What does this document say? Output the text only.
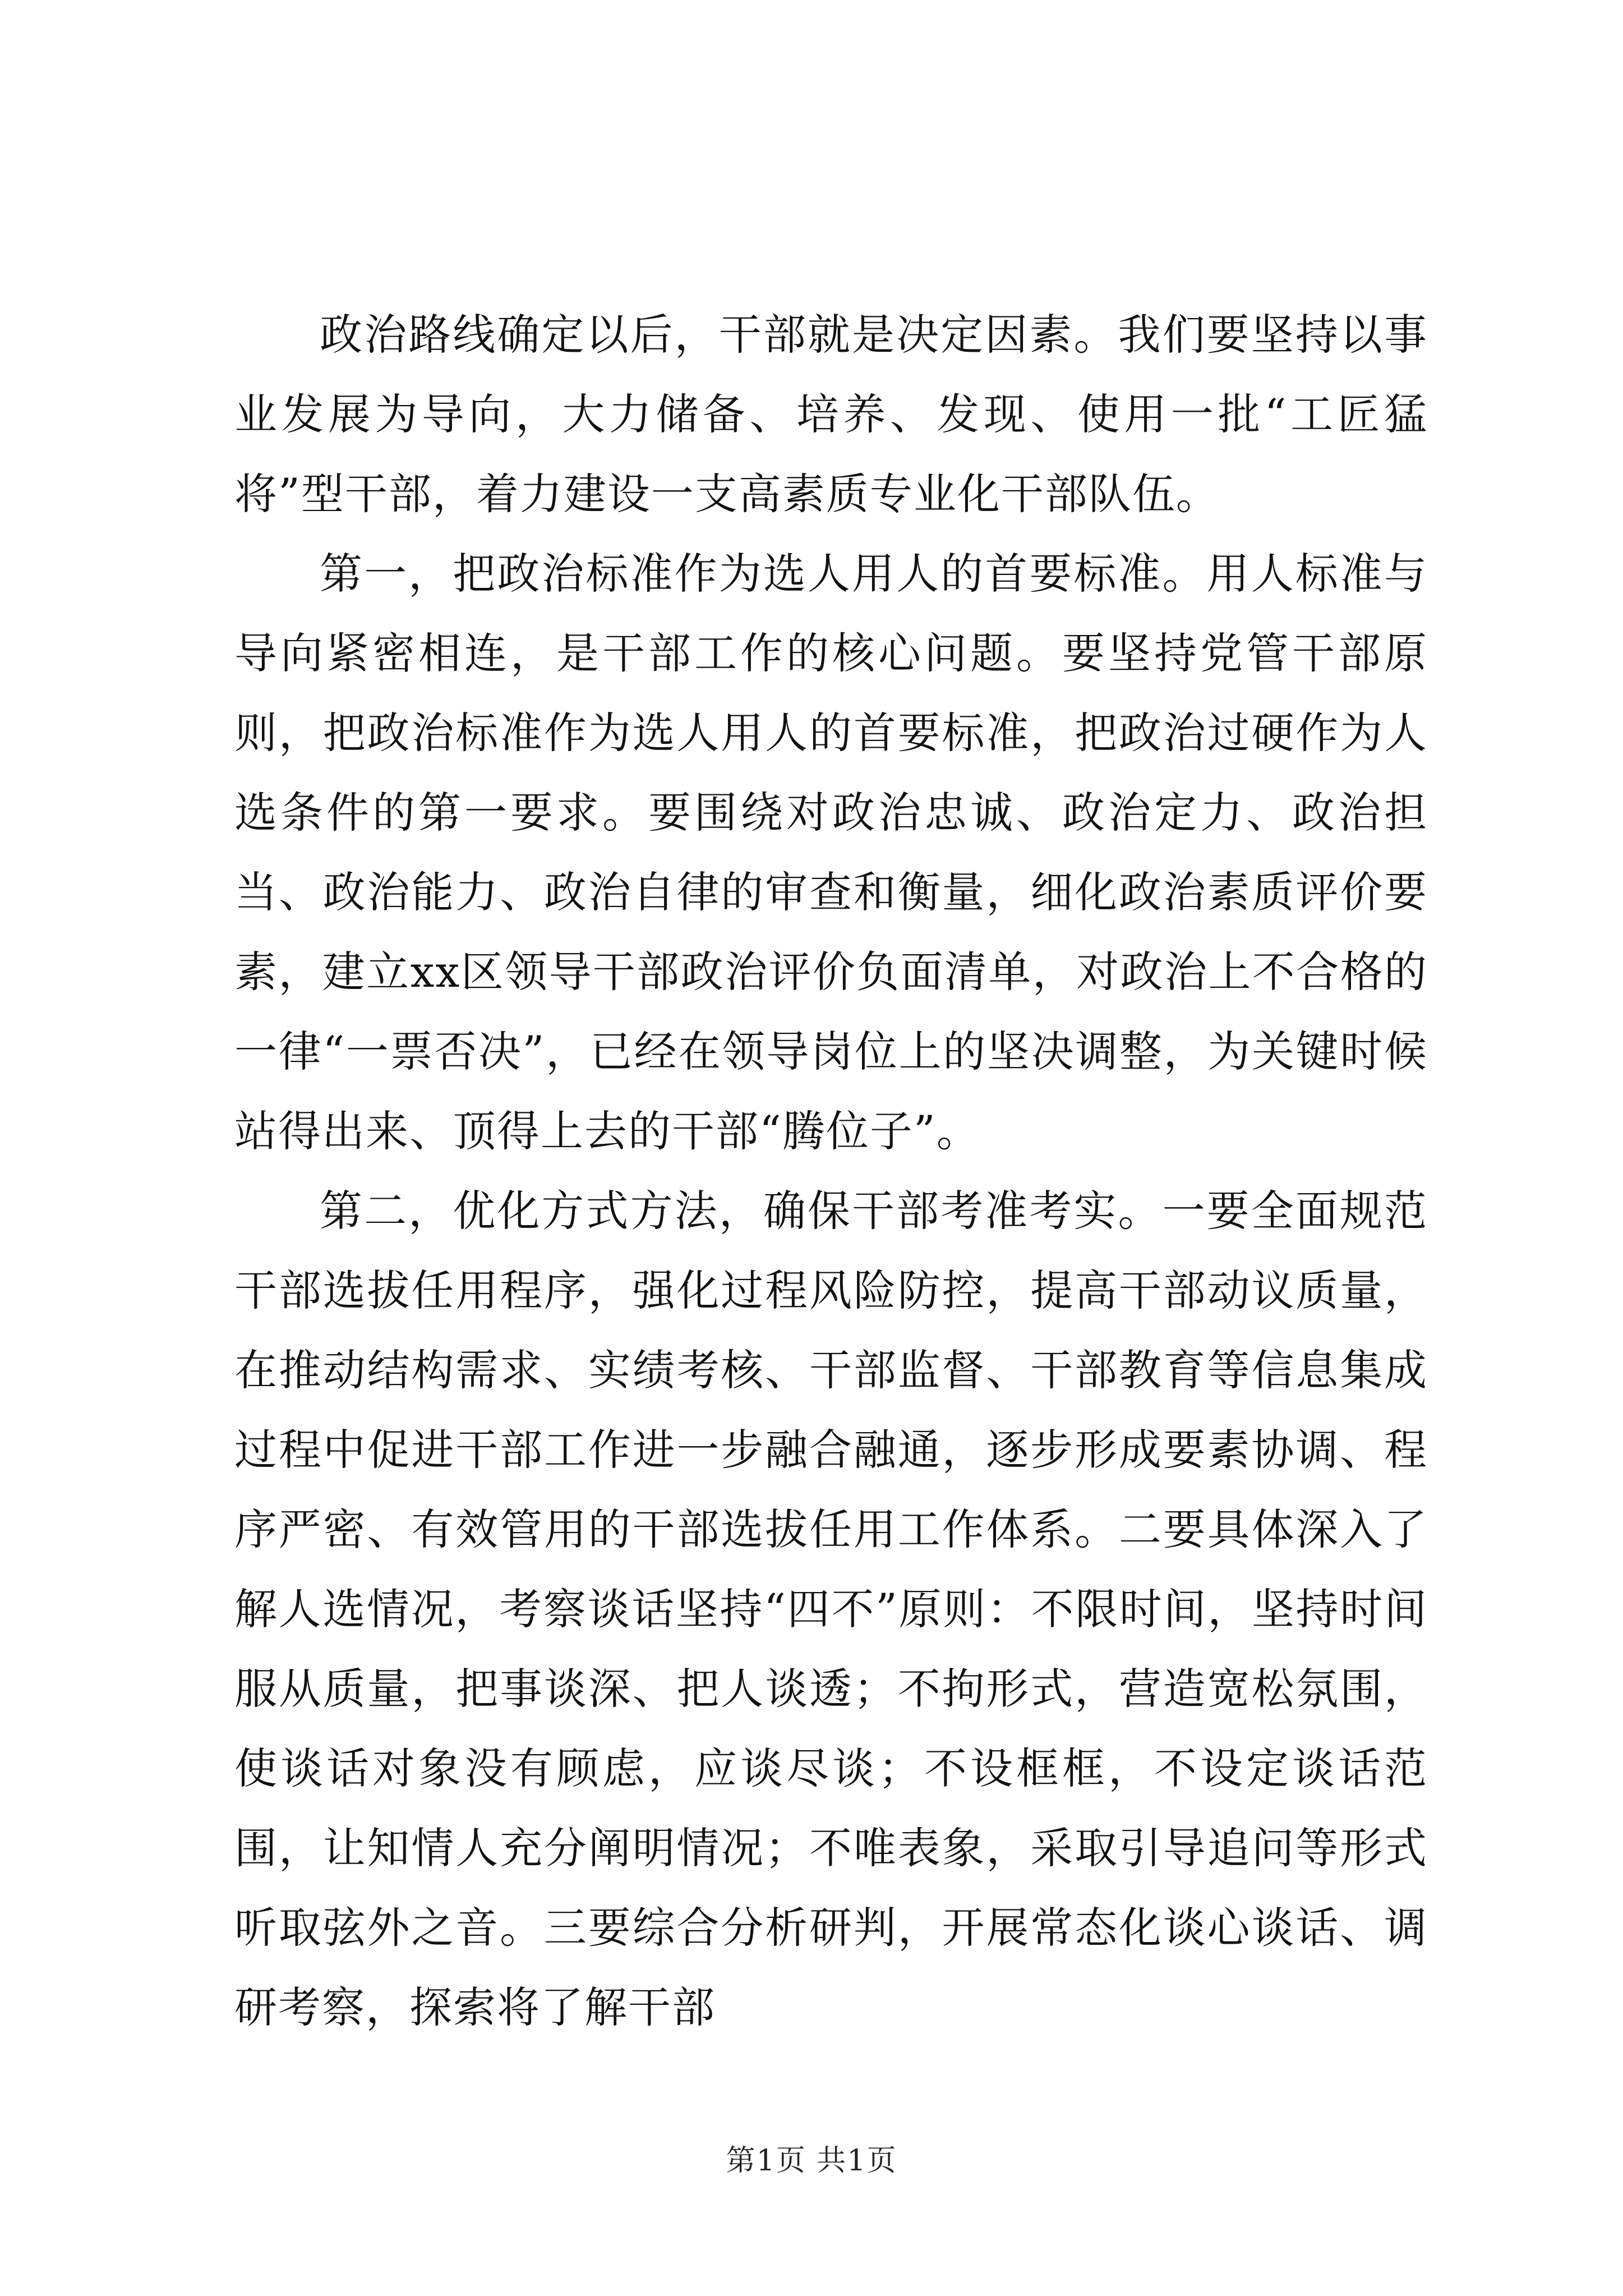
政治路线确定以后，干部就是决定因素。我们要坚持以事业发展为导向，大力储备、培养、发现、使用一批“工匠猛将”型干部，着力建设一支高素质专业化干部队伍。

第一，把政治标准作为选人用人的首要标准。用人标准与导向紧密相连，是干部工作的核心问题。要坚持党管干部原则，把政治标准作为选人用人的首要标准，把政治过硬作为人选条件的第一要求。要围绕对政治忠诚、政治定力、政治担当、政治能力、政治自律的审查和衡量，细化政治素质评价要素，建立xx区领导干部政治评价负面清单，对政治上不合格的一律“一票否决”，已经在领导岗位上的坚决调整，为关键时候站得出来、顶得上去的干部“腾位子”。

第二，优化方式方法，确保干部考准考实。一要全面规范干部选拔任用程序，强化过程风险防控，提高干部动议质量，在推动结构需求、实绩考核、干部监督、干部教育等信息集成过程中促进干部工作进一步融合融通，逐步形成要素协调、程序严密、有效管用的干部选拔任用工作体系。二要具体深入了解人选情况，考察谈话坚持“四不”原则：不限时间，坚持时间服从质量，把事谈深、把人谈透；不拘形式，营造宽松氛围，使谈话对象没有顾虑，应谈尽谈；不设框框，不设定谈话范围，让知情人充分阐明情况；不唯表象，采取引导追问等形式听取弦外之音。三要综合分析研判，开展常态化谈心谈话、调研考察，探索将了解干部

第1页 共1页
